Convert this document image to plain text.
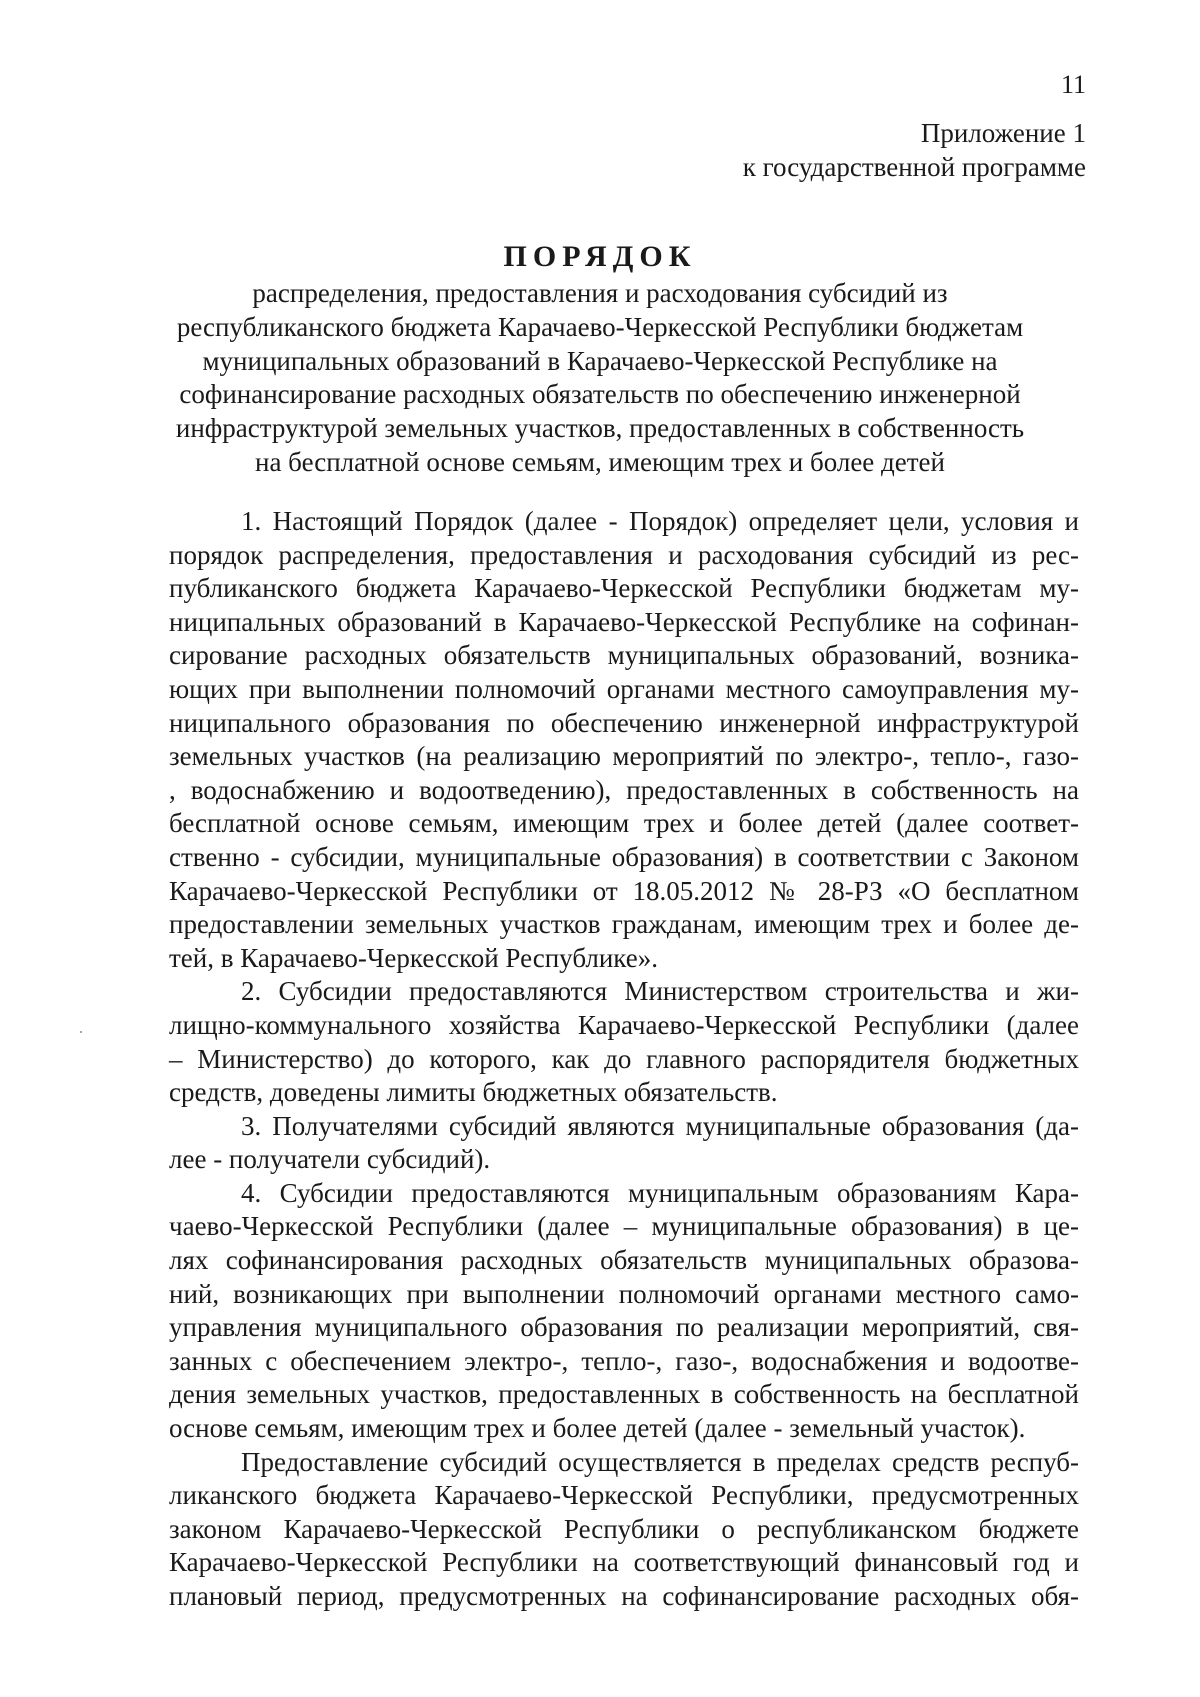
11
Приложение 1
к государственной программе
ПОРЯДОК
распределения, предоставления и расходования субсидий из
республиканского бюджета Карачаево-Черкесской Республики бюджетам
муниципальных образований в Карачаево-Черкесской Республике на
софинансирование расходных обязательств по обеспечению инженерной
инфраструктурой земельных участков, предоставленных в собственность
на бесплатной основе семьям, имеющим трех и более детей
1. Настоящий Порядок (далее - Порядок) определяет цели, условия и
порядок распределения, предоставления и расходования субсидий из рес-
публиканского бюджета Карачаево-Черкесской Республики бюджетам му-
ниципальных образований в Карачаево-Черкесской Республике на софинан-
сирование расходных обязательств муниципальных образований, возника-
ющих при выполнении полномочий органами местного самоуправления му-
ниципального образования по обеспечению инженерной инфраструктурой
земельных участков (на реализацию мероприятий по электро-, тепло-, газо-
, водоснабжению и водоотведению), предоставленных в собственность на
бесплатной основе семьям, имеющим трех и более детей (далее соответ-
ственно - субсидии, муниципальные образования) в соответствии с Законом
Карачаево-Черкесской Республики от 18.05.2012 № 28-РЗ «О бесплатном
предоставлении земельных участков гражданам, имеющим трех и более де-
тей, в Карачаево-Черкесской Республике».
2. Субсидии предоставляются Министерством строительства и жи-
лищно-коммунального хозяйства Карачаево-Черкесской Республики (далее
– Министерство) до которого, как до главного распорядителя бюджетных
средств, доведены лимиты бюджетных обязательств.
3. Получателями субсидий являются муниципальные образования (да-
лее - получатели субсидий).
4. Субсидии предоставляются муниципальным образованиям Кара-
чаево-Черкесской Республики (далее – муниципальные образования) в це-
лях софинансирования расходных обязательств муниципальных образова-
ний, возникающих при выполнении полномочий органами местного само-
управления муниципального образования по реализации мероприятий, свя-
занных с обеспечением электро-, тепло-, газо-, водоснабжения и водоотве-
дения земельных участков, предоставленных в собственность на бесплатной
основе семьям, имеющим трех и более детей (далее - земельный участок).
Предоставление субсидий осуществляется в пределах средств респуб-
ликанского бюджета Карачаево-Черкесской Республики, предусмотренных
законом Карачаево-Черкесской Республики о республиканском бюджете
Карачаево-Черкесской Республики на соответствующий финансовый год и
плановый период, предусмотренных на софинансирование расходных обя-
